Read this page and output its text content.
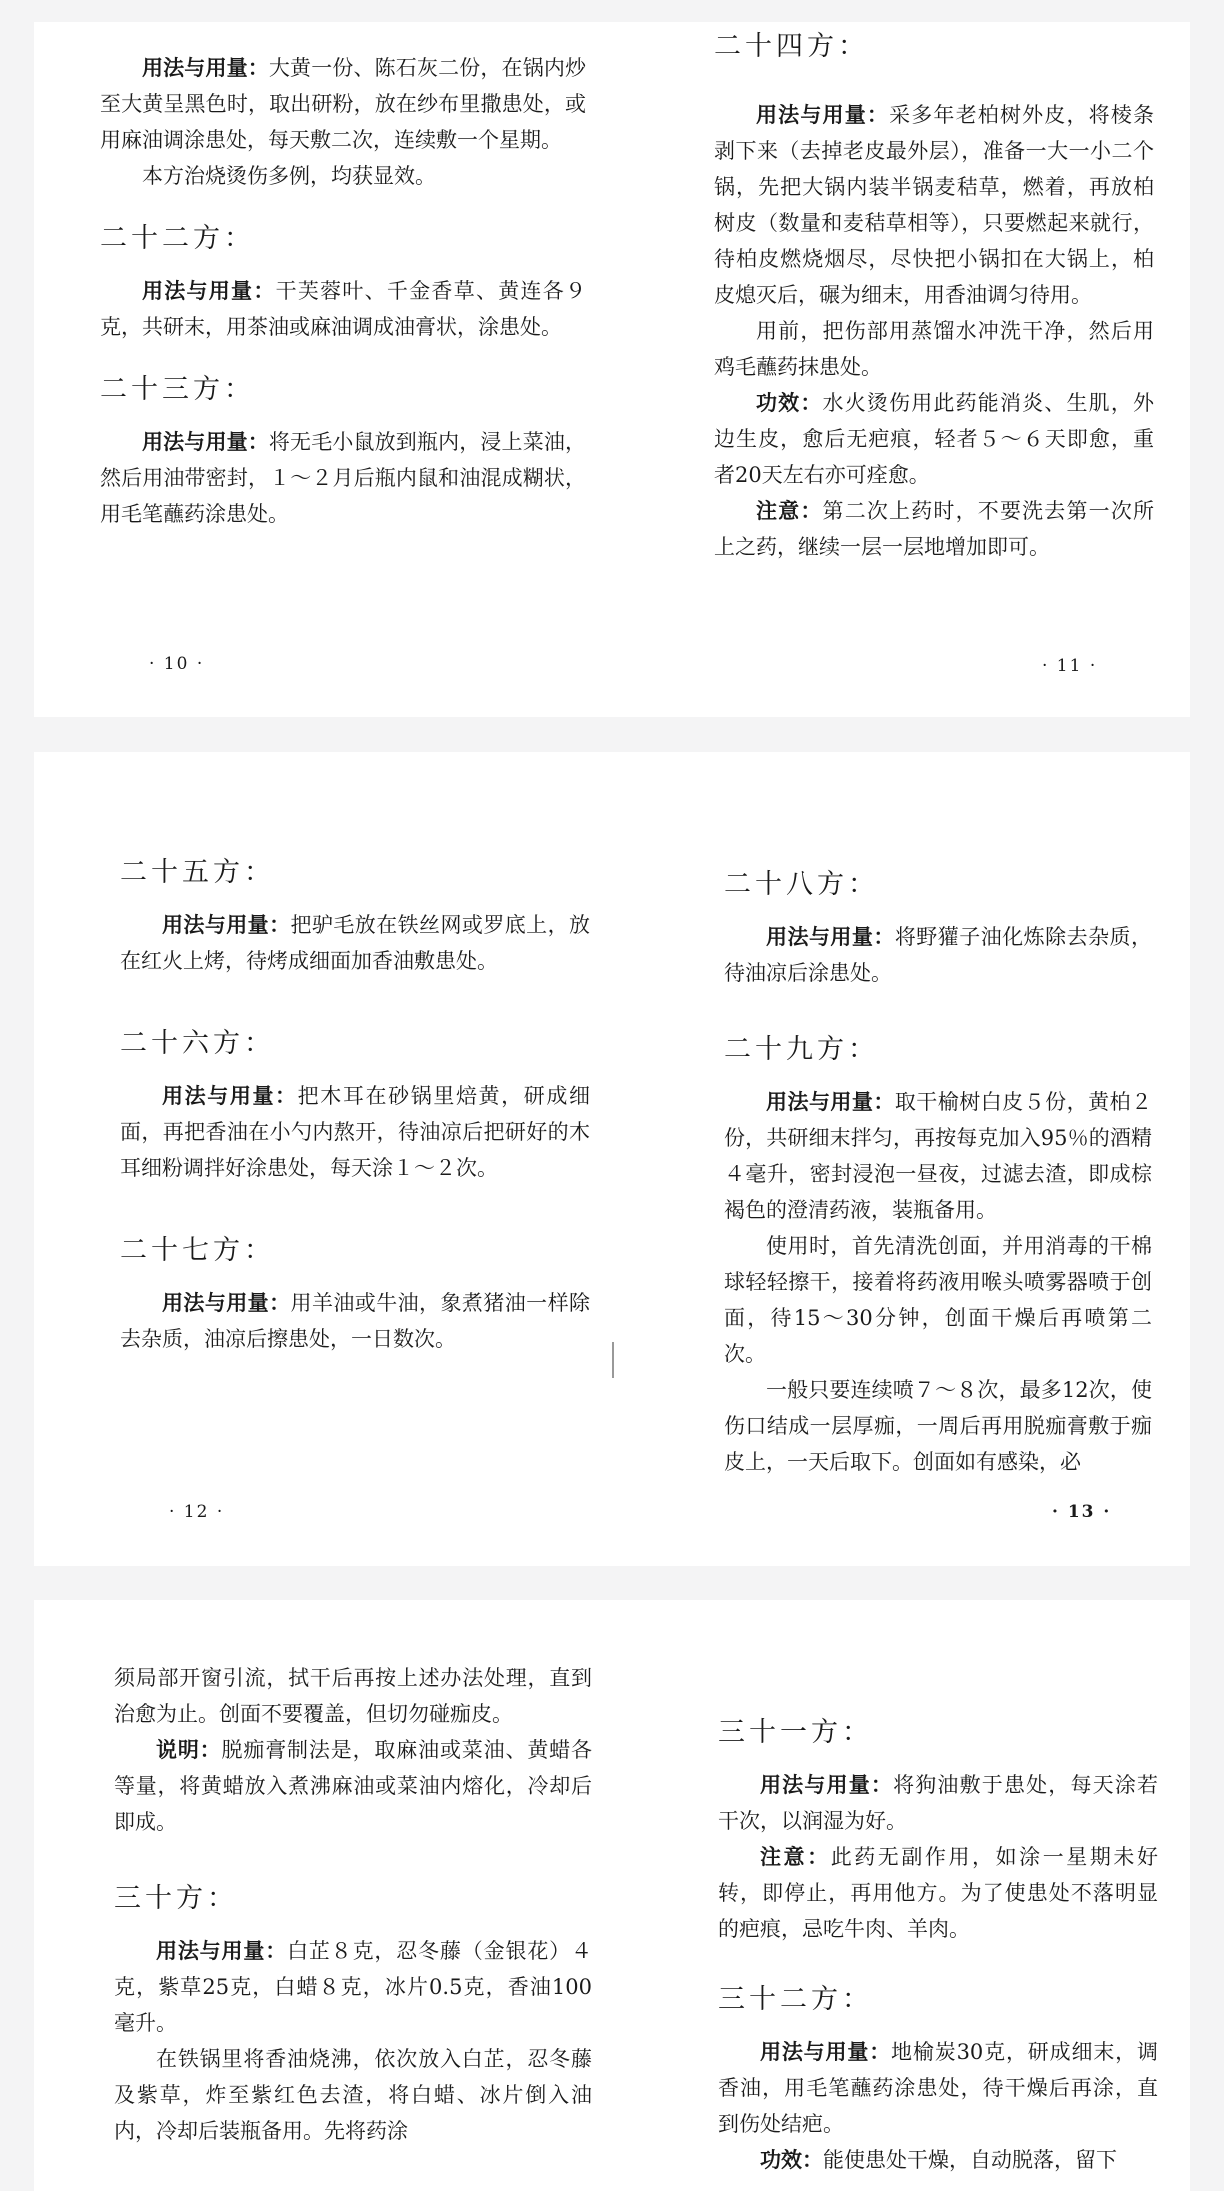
用法与用量：大黄一份、陈石灰二份，在锅内炒至大黄呈黑色时，取出研粉，放在纱布里撒患处，或用麻油调涂患处，每天敷二次，连续敷一个星期。

本方治烧烫伤多例，均获显效。

二十二方：

用法与用量：干芙蓉叶、千金香草、黄连各９克，共研末，用茶油或麻油调成油膏状，涂患处。

二十三方：

用法与用量：将无毛小鼠放到瓶内，浸上菜油，然后用油带密封，１～２月后瓶内鼠和油混成糊状，用毛笔蘸药涂患处。

· 10 ·
二十四方：

用法与用量：采多年老柏树外皮，将棱条剥下来（去掉老皮最外层），准备一大一小二个锅，先把大锅内装半锅麦秸草，燃着，再放柏树皮（数量和麦秸草相等），只要燃起来就行，待柏皮燃烧烟尽，尽快把小锅扣在大锅上，柏皮熄灭后，碾为细末，用香油调匀待用。

用前，把伤部用蒸馏水冲洗干净，然后用鸡毛蘸药抹患处。

功效：水火烫伤用此药能消炎、生肌，外边生皮，愈后无疤痕，轻者５～６天即愈，重者20天左右亦可痊愈。

注意：第二次上药时，不要洗去第一次所上之药，继续一层一层地增加即可。

· 11 ·
二十五方：

用法与用量：把驴毛放在铁丝网或罗底上，放在红火上烤，待烤成细面加香油敷患处。

二十六方：

用法与用量：把木耳在砂锅里焙黄，研成细面，再把香油在小勺内熬开，待油凉后把研好的木耳细粉调拌好涂患处，每天涂１～２次。

二十七方：

用法与用量：用羊油或牛油，象煮猪油一样除去杂质，油凉后擦患处，一日数次。

· 12 ·
二十八方：

用法与用量：将野獾子油化炼除去杂质，待油凉后涂患处。

二十九方：

用法与用量：取干榆树白皮５份，黄柏２份，共研细末拌匀，再按每克加入95％的酒精４毫升，密封浸泡一昼夜，过滤去渣，即成棕褐色的澄清药液，装瓶备用。

使用时，首先清洗创面，并用消毒的干棉球轻轻擦干，接着将药液用喉头喷雾器喷于创面，待15～30分钟，创面干燥后再喷第二次。

一般只要连续喷７～８次，最多12次，使伤口结成一层厚痂，一周后再用脱痂膏敷于痂皮上，一天后取下。创面如有感染，必

· 13 ·

须局部开窗引流，拭干后再按上述办法处理，直到治愈为止。创面不要覆盖，但切勿碰痂皮。

说明：脱痂膏制法是，取麻油或菜油、黄蜡各等量，将黄蜡放入煮沸麻油或菜油内熔化，冷却后即成。

三十方：

用法与用量：白芷８克，忍冬藤（金银花）４克，紫草25克，白蜡８克，冰片0.5克，香油100毫升。

在铁锅里将香油烧沸，依次放入白芷，忍冬藤及紫草，炸至紫红色去渣，将白蜡、冰片倒入油内，冷却后装瓶备用。先将药涂

三十一方：

用法与用量：将狗油敷于患处，每天涂若干次，以润湿为好。

注意：此药无副作用，如涂一星期未好转，即停止，再用他方。为了使患处不落明显的疤痕，忌吃牛肉、羊肉。

三十二方：

用法与用量：地榆炭30克，研成细末，调香油，用毛笔蘸药涂患处，待干燥后再涂，直到伤处结疤。

功效：能使患处干燥，自动脱落，留下
